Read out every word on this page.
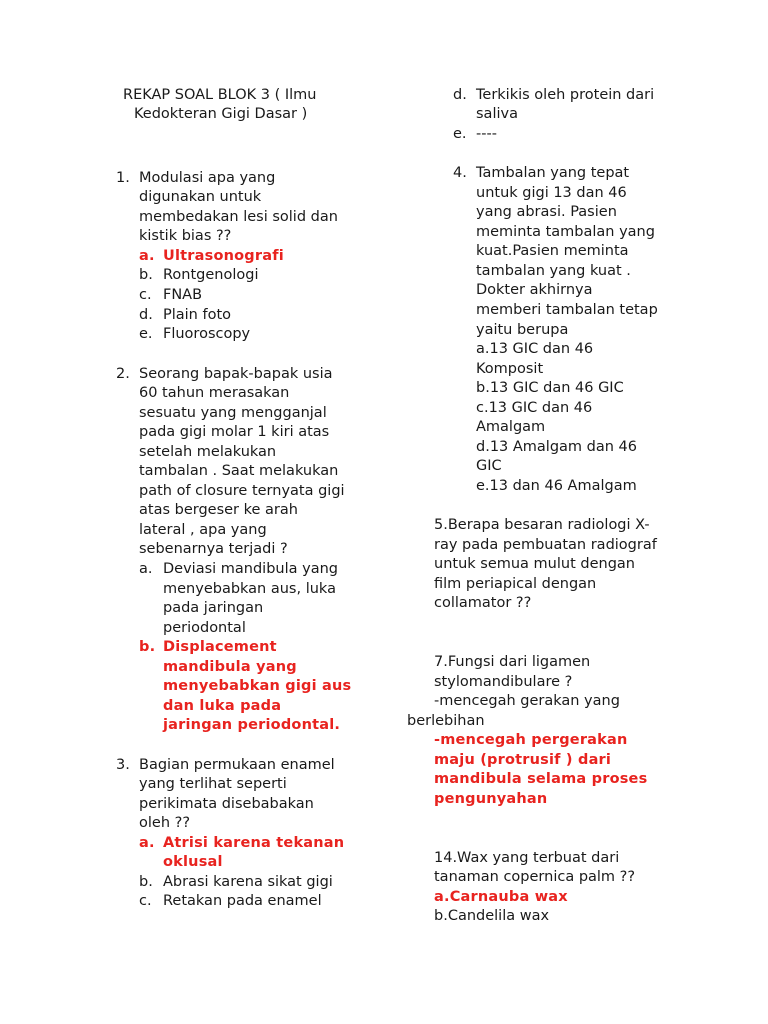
REKAP SOAL BLOK 3 ( Ilmu
Kedokteran Gigi Dasar )
1. Modulasi apa yang
digunakan untuk
membedakan lesi solid dan
kistik bias ??
a. Ultrasonografi
b. Rontgenologi
c. FNAB
d. Plain foto
e. Fluoroscopy
2. Seorang bapak-bapak usia
60 tahun merasakan
sesuatu yang mengganjal
pada gigi molar 1 kiri atas
setelah melakukan
tambalan . Saat melakukan
path of closure ternyata gigi
atas bergeser ke arah
lateral , apa yang
sebenarnya terjadi ?
a. Deviasi mandibula yang
menyebabkan aus, luka
pada jaringan
periodontal
b. Displacement
mandibula yang
menyebabkan gigi aus
dan luka pada
jaringan periodontal.
3. Bagian permukaan enamel
yang terlihat seperti
perikimata disebabakan
oleh ??
a. Atrisi karena tekanan
oklusal
b. Abrasi karena sikat gigi
c. Retakan pada enamel
d. Terkikis oleh protein dari
saliva
e. ----
4. Tambalan yang tepat
untuk gigi 13 dan 46
yang abrasi. Pasien
meminta tambalan yang
kuat.Pasien meminta
tambalan yang kuat .
Dokter akhirnya
memberi tambalan tetap
yaitu berupa
a.13 GIC dan 46
Komposit
b.13 GIC dan 46 GIC
c.13 GIC dan 46
Amalgam
d.13 Amalgam dan 46
GIC
e.13 dan 46 Amalgam
5.Berapa besaran radiologi X-
ray pada pembuatan radiograf
untuk semua mulut dengan
film periapical dengan
collamator ??
7.Fungsi dari ligamen
stylomandibulare ?
-mencegah gerakan yang
berlebihan
-mencegah pergerakan
maju (protrusif ) dari
mandibula selama proses
pengunyahan
14.Wax yang terbuat dari
tanaman copernica palm ??
a.Carnauba wax
b.Candelila wax
